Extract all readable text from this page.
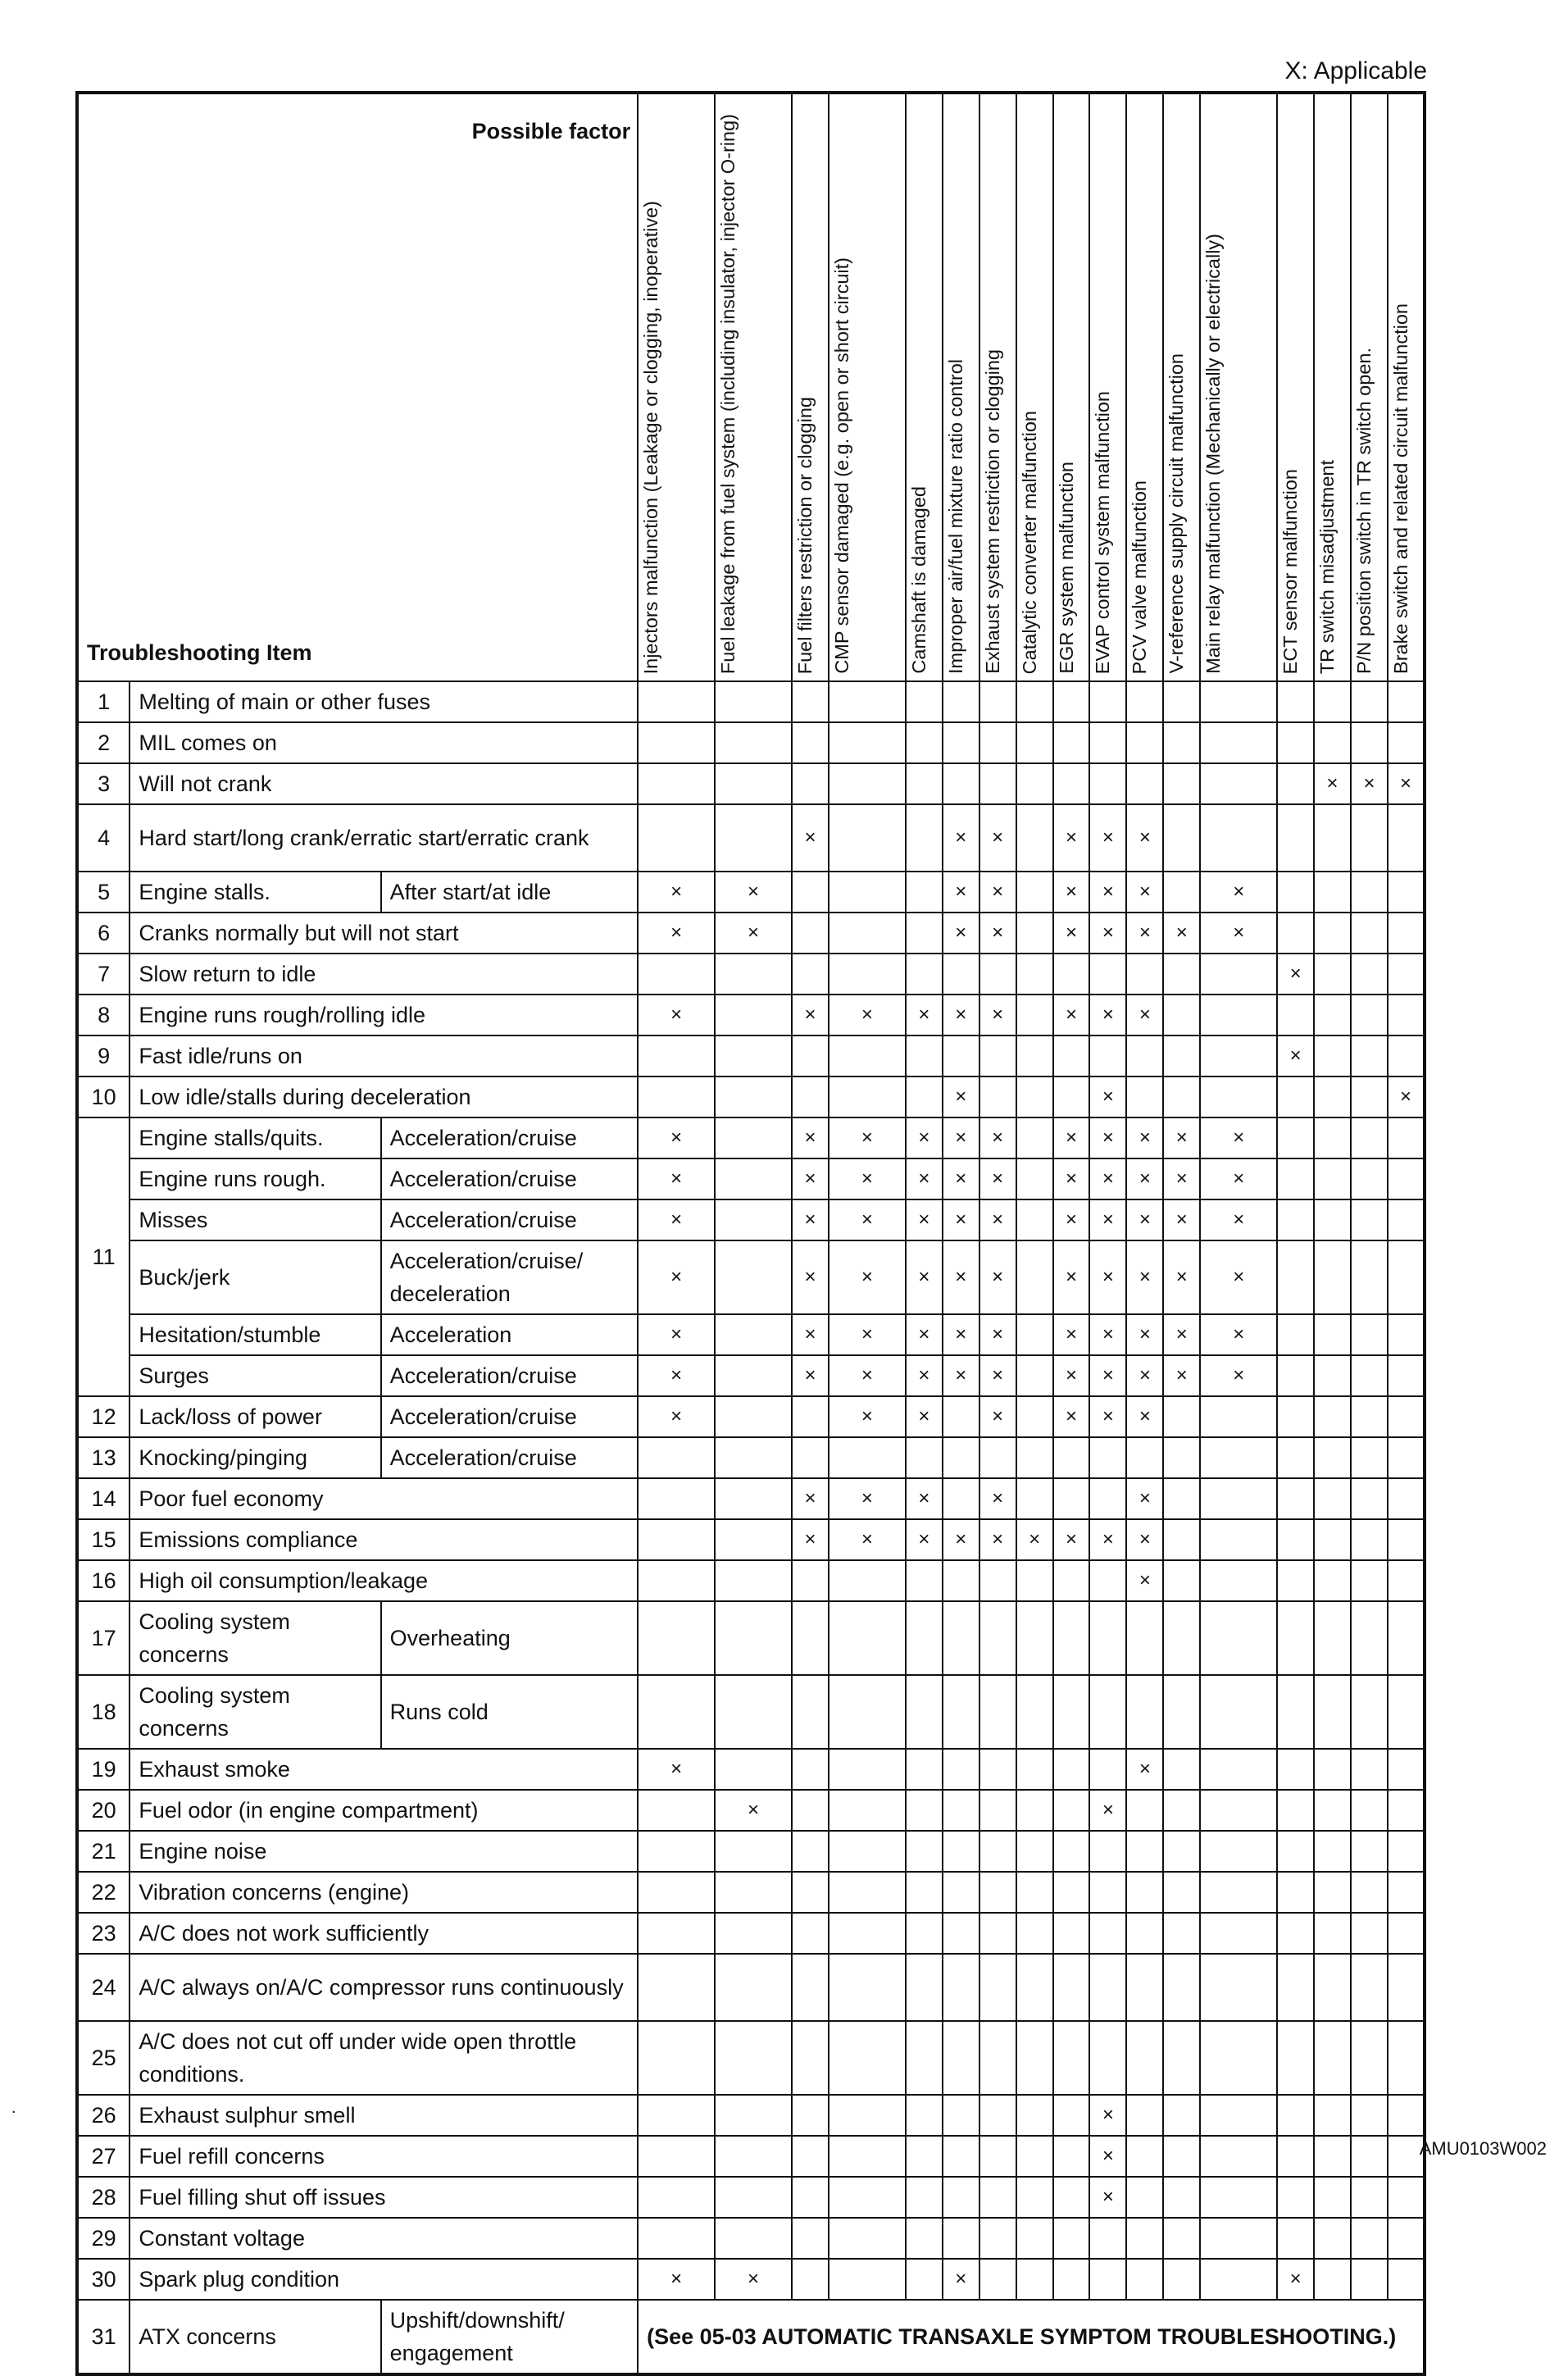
X: Applicable
Possible factor
Troubleshooting Item			Injectors malfunction (Leakage or clogging, inoperative)	Fuel leakage from fuel system (including insulator, injector O-ring)	Fuel filters restriction or clogging	CMP sensor damaged (e.g. open or short circuit)	Camshaft is damaged	Improper air/fuel mixture ratio control	Exhaust system restriction or clogging	Catalytic converter malfunction	EGR system malfunction	EVAP control system malfunction	PCV valve malfunction	V-reference supply circuit malfunction	Main relay malfunction (Mechanically or electrically)	ECT sensor malfunction	TR switch misadjustment	P/N position switch in TR switch open.	Brake switch and related circuit malfunction

1	Melting of main or other fuses																		
2	MIL comes on																		
3	Will not crank																×	×	×
4	Hard start/long crank/erratic start/erratic crank				×			×	×		×	×	×						
5	Engine stalls.	After start/at idle	×	×				×	×		×	×	×		×				
6	Cranks normally but will not start		×	×				×	×		×	×	×	×	×				
7	Slow return to idle															×			
8	Engine runs rough/rolling idle		×		×	×	×	×	×		×	×	×						
9	Fast idle/runs on															×			
10	Low idle/stalls during deceleration							×				×							×
11	Engine stalls/quits.	Acceleration/cruise	×		×	×	×	×	×		×	×	×	×	×				
	Engine runs rough.	Acceleration/cruise	×		×	×	×	×	×		×	×	×	×	×				
	Misses	Acceleration/cruise	×		×	×	×	×	×		×	×	×	×	×				
	Buck/jerk	Acceleration/cruise/ deceleration	×		×	×	×	×	×		×	×	×	×	×				
	Hesitation/stumble	Acceleration	×		×	×	×	×	×		×	×	×	×	×				
	Surges	Acceleration/cruise	×		×	×	×	×	×		×	×	×	×	×				
12	Lack/loss of power	Acceleration/cruise	×			×	×		×		×	×	×						
13	Knocking/pinging	Acceleration/cruise																	
14	Poor fuel economy				×	×	×		×				×						
15	Emissions compliance				×	×	×	×	×	×	×	×	×						
16	High oil consumption/leakage												×						
17	Cooling system concerns	Overheating																	
18	Cooling system concerns	Runs cold																	
19	Exhaust smoke		×										×						
20	Fuel odor (in engine compartment)			×								×							
21	Engine noise																		
22	Vibration concerns (engine)																		
23	A/C does not work sufficiently																		
24	A/C always on/A/C compressor runs continuously																		
25	A/C does not cut off under wide open throttle conditions.																		
26	Exhaust sulphur smell											×							
27	Fuel refill concerns											×							
28	Fuel filling shut off issues											×							
29	Constant voltage																		
30	Spark plug condition		×	×				×								×			
31	ATX concerns	Upshift/downshift/ engagement	(See 05-03 AUTOMATIC TRANSAXLE SYMPTOM TROUBLESHOOTING.)																
AMU0103W002
.
